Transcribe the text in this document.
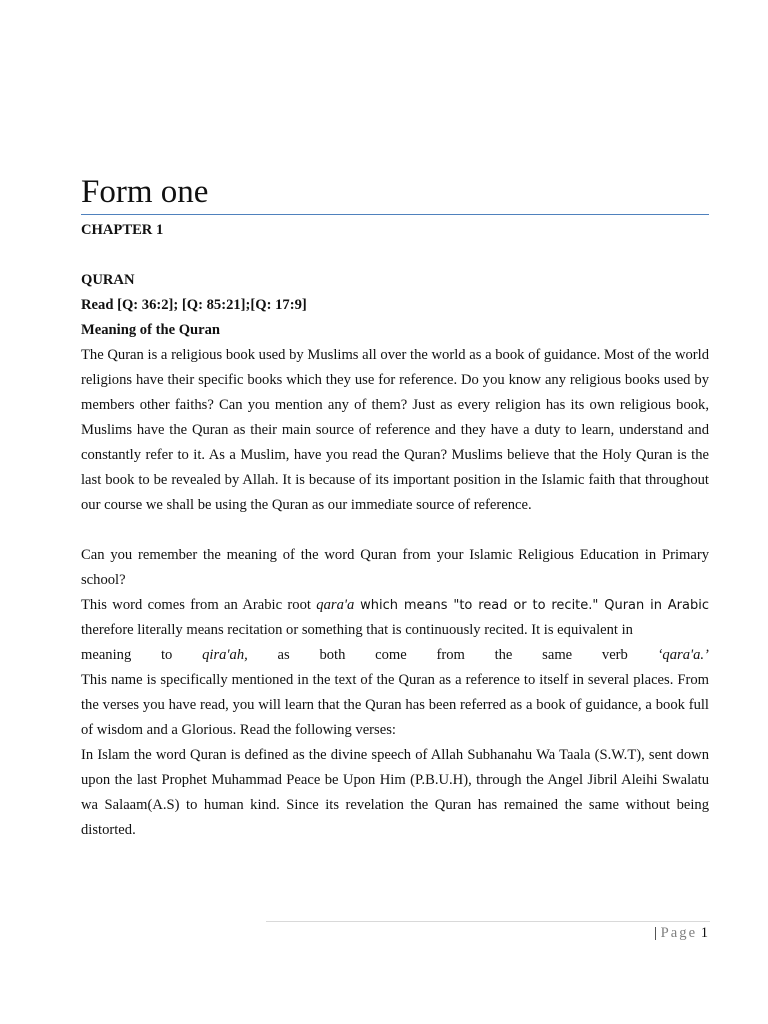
Form one

CHAPTER 1

QURAN

Read [Q: 36:2]; [Q: 85:21];[Q: 17:9]

Meaning of the Quran

The Quran is a religious book used by Muslims all over the world as a book of guidance. Most of the world religions have their specific books which they use for reference. Do you know any religious books used by members other faiths? Can you mention any of them? Just as every religion has its own religious book, Muslims have the Quran as their main source of reference and they have a duty to learn, understand and constantly refer to it. As a Muslim, have you read the Quran? Muslims believe that the Holy Quran is the last book to be revealed by Allah. It is because of its important position in the Islamic faith that throughout our course we shall be using the Quran as our immediate source of reference.

Can you remember the meaning of the word Quran from your Islamic Religious Education in Primary school?

This word comes from an Arabic root qara'a which means "to read or to recite." Quran in Arabic therefore literally means recitation or something that is continuously recited. It is equivalent in

meaning to qira'ah, as both come from the same verb ‘qara'a.’

This name is specifically mentioned in the text of the Quran as a reference to itself in several places. From the verses you have read, you will learn that the Quran has been referred as a book of guidance, a book full of wisdom and a Glorious. Read the following verses:

In Islam the word Quran is defined as the divine speech of Allah Subhanahu Wa Taala (S.W.T), sent down upon the last Prophet Muhammad Peace be Upon Him (P.B.U.H), through the Angel Jibril Aleihi Swalatu wa Salaam(A.S) to human kind. Since its revelation the Quran has remained the same without being distorted.

| Page 1
